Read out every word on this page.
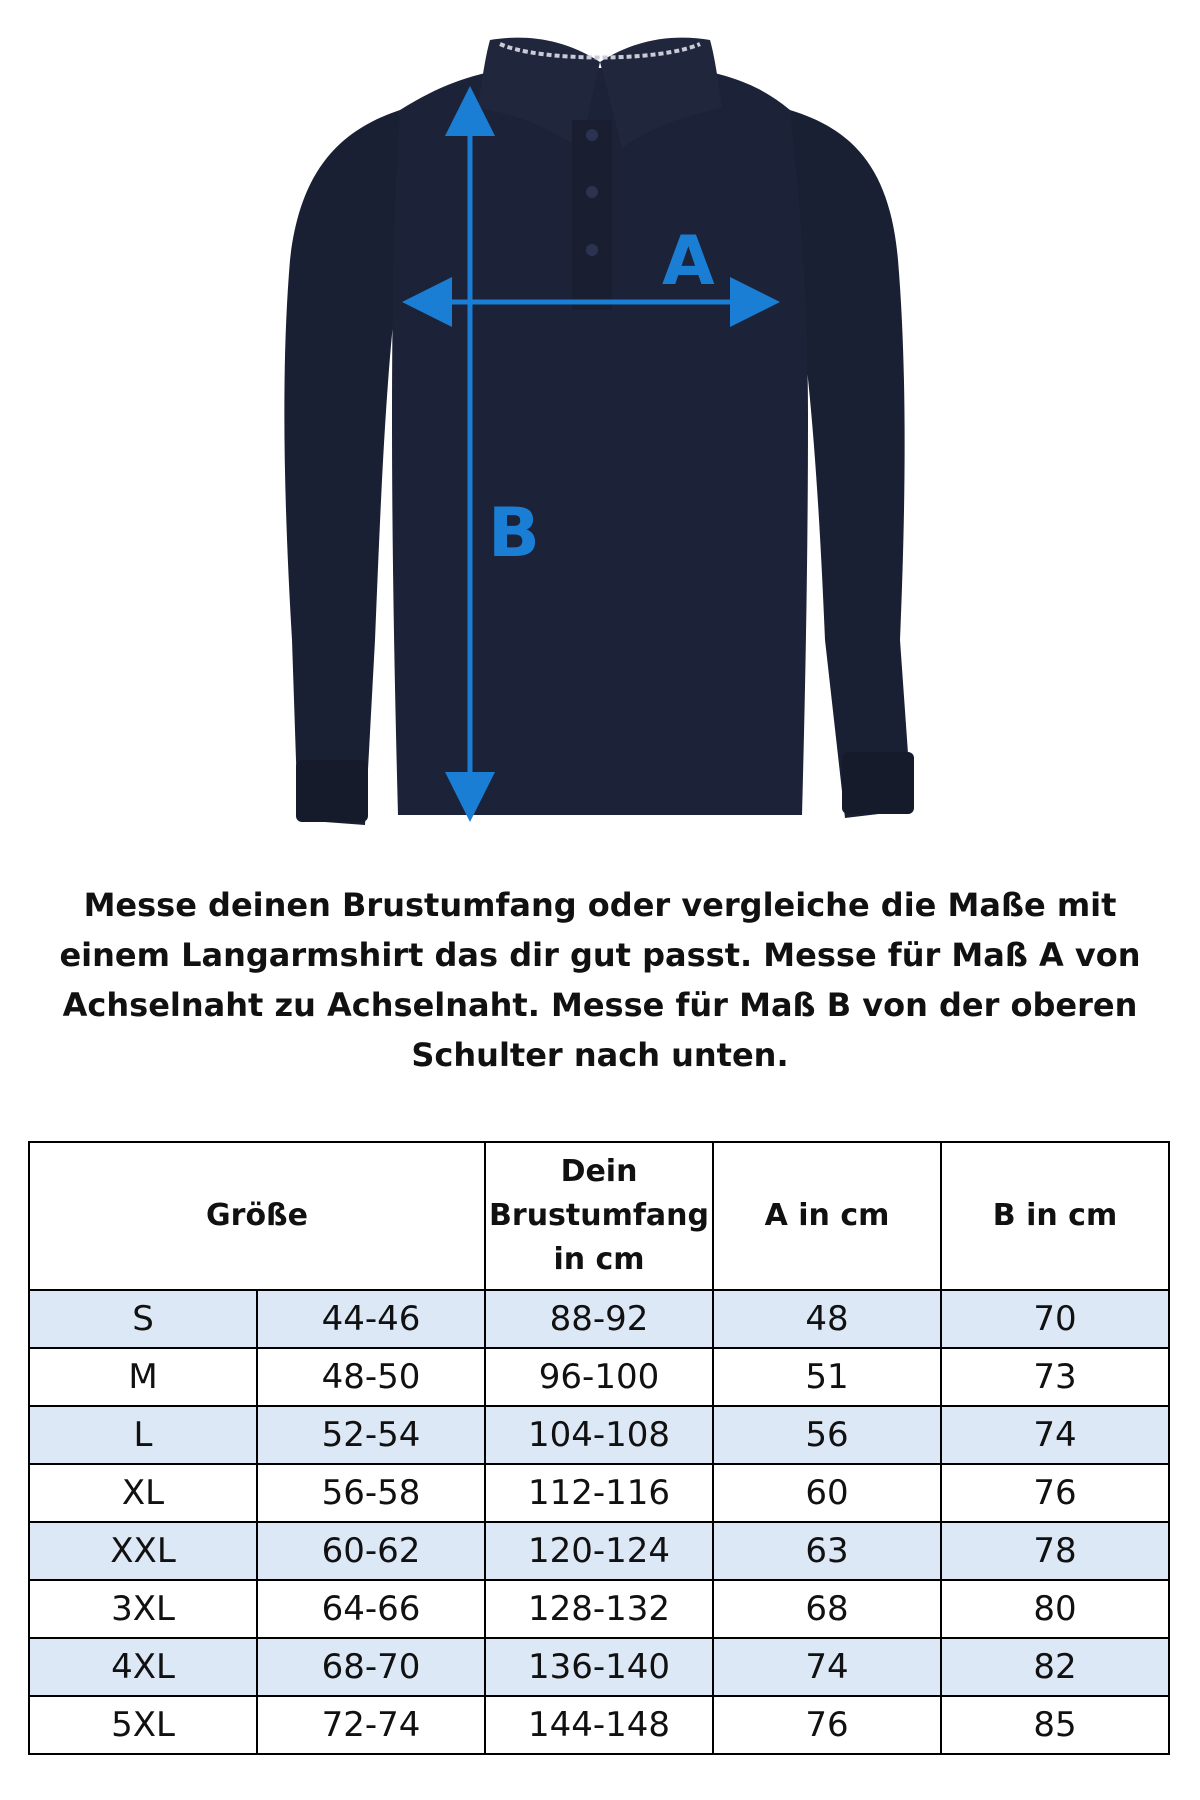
A
B
Messe deinen Brustumfang oder vergleiche die Maße mit einem Langarmshirt das dir gut passt. Messe für Maß A von Achselnaht zu Achselnaht. Messe für Maß B von der oberen Schulter nach unten.
Größe		Dein Brustumfang in cm	A in cm	B in cm
S	44-46	88-92	48	70
M	48-50	96-100	51	73
L	52-54	104-108	56	74
XL	56-58	112-116	60	76
XXL	60-62	120-124	63	78
3XL	64-66	128-132	68	80
4XL	68-70	136-140	74	82
5XL	72-74	144-148	76	85
